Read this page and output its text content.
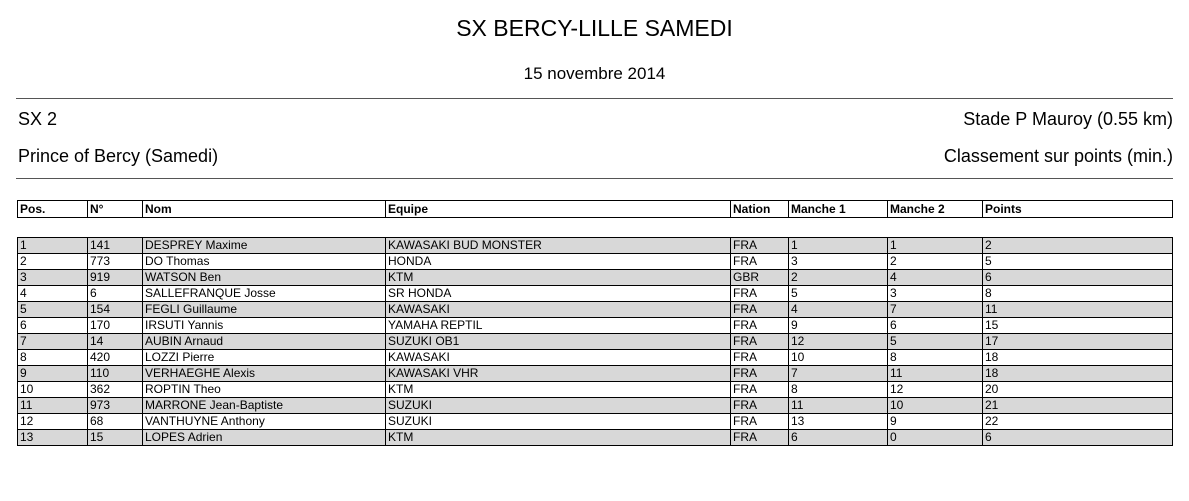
SX BERCY-LILLE SAMEDI
15 novembre 2014
SX 2	Stade P Mauroy (0.55 km)
Prince of Bercy (Samedi)	Classement sur points (min.)
Pos.	N°	Nom	Equipe	Nation	Manche 1	Manche 2	Points
1	141	DESPREY Maxime	KAWASAKI BUD MONSTER	FRA	1	1	2
2	773	DO Thomas	HONDA	FRA	3	2	5
3	919	WATSON Ben	KTM	GBR	2	4	6
4	6	SALLEFRANQUE Josse	SR HONDA	FRA	5	3	8
5	154	FEGLI Guillaume	KAWASAKI	FRA	4	7	11
6	170	IRSUTI Yannis	YAMAHA REPTIL	FRA	9	6	15
7	14	AUBIN Arnaud	SUZUKI OB1	FRA	12	5	17
8	420	LOZZI Pierre	KAWASAKI	FRA	10	8	18
9	110	VERHAEGHE Alexis	KAWASAKI VHR	FRA	7	11	18
10	362	ROPTIN Theo	KTM	FRA	8	12	20
11	973	MARRONE Jean-Baptiste	SUZUKI	FRA	11	10	21
12	68	VANTHUYNE Anthony	SUZUKI	FRA	13	9	22
13	15	LOPES Adrien	KTM	FRA	6	0	6
